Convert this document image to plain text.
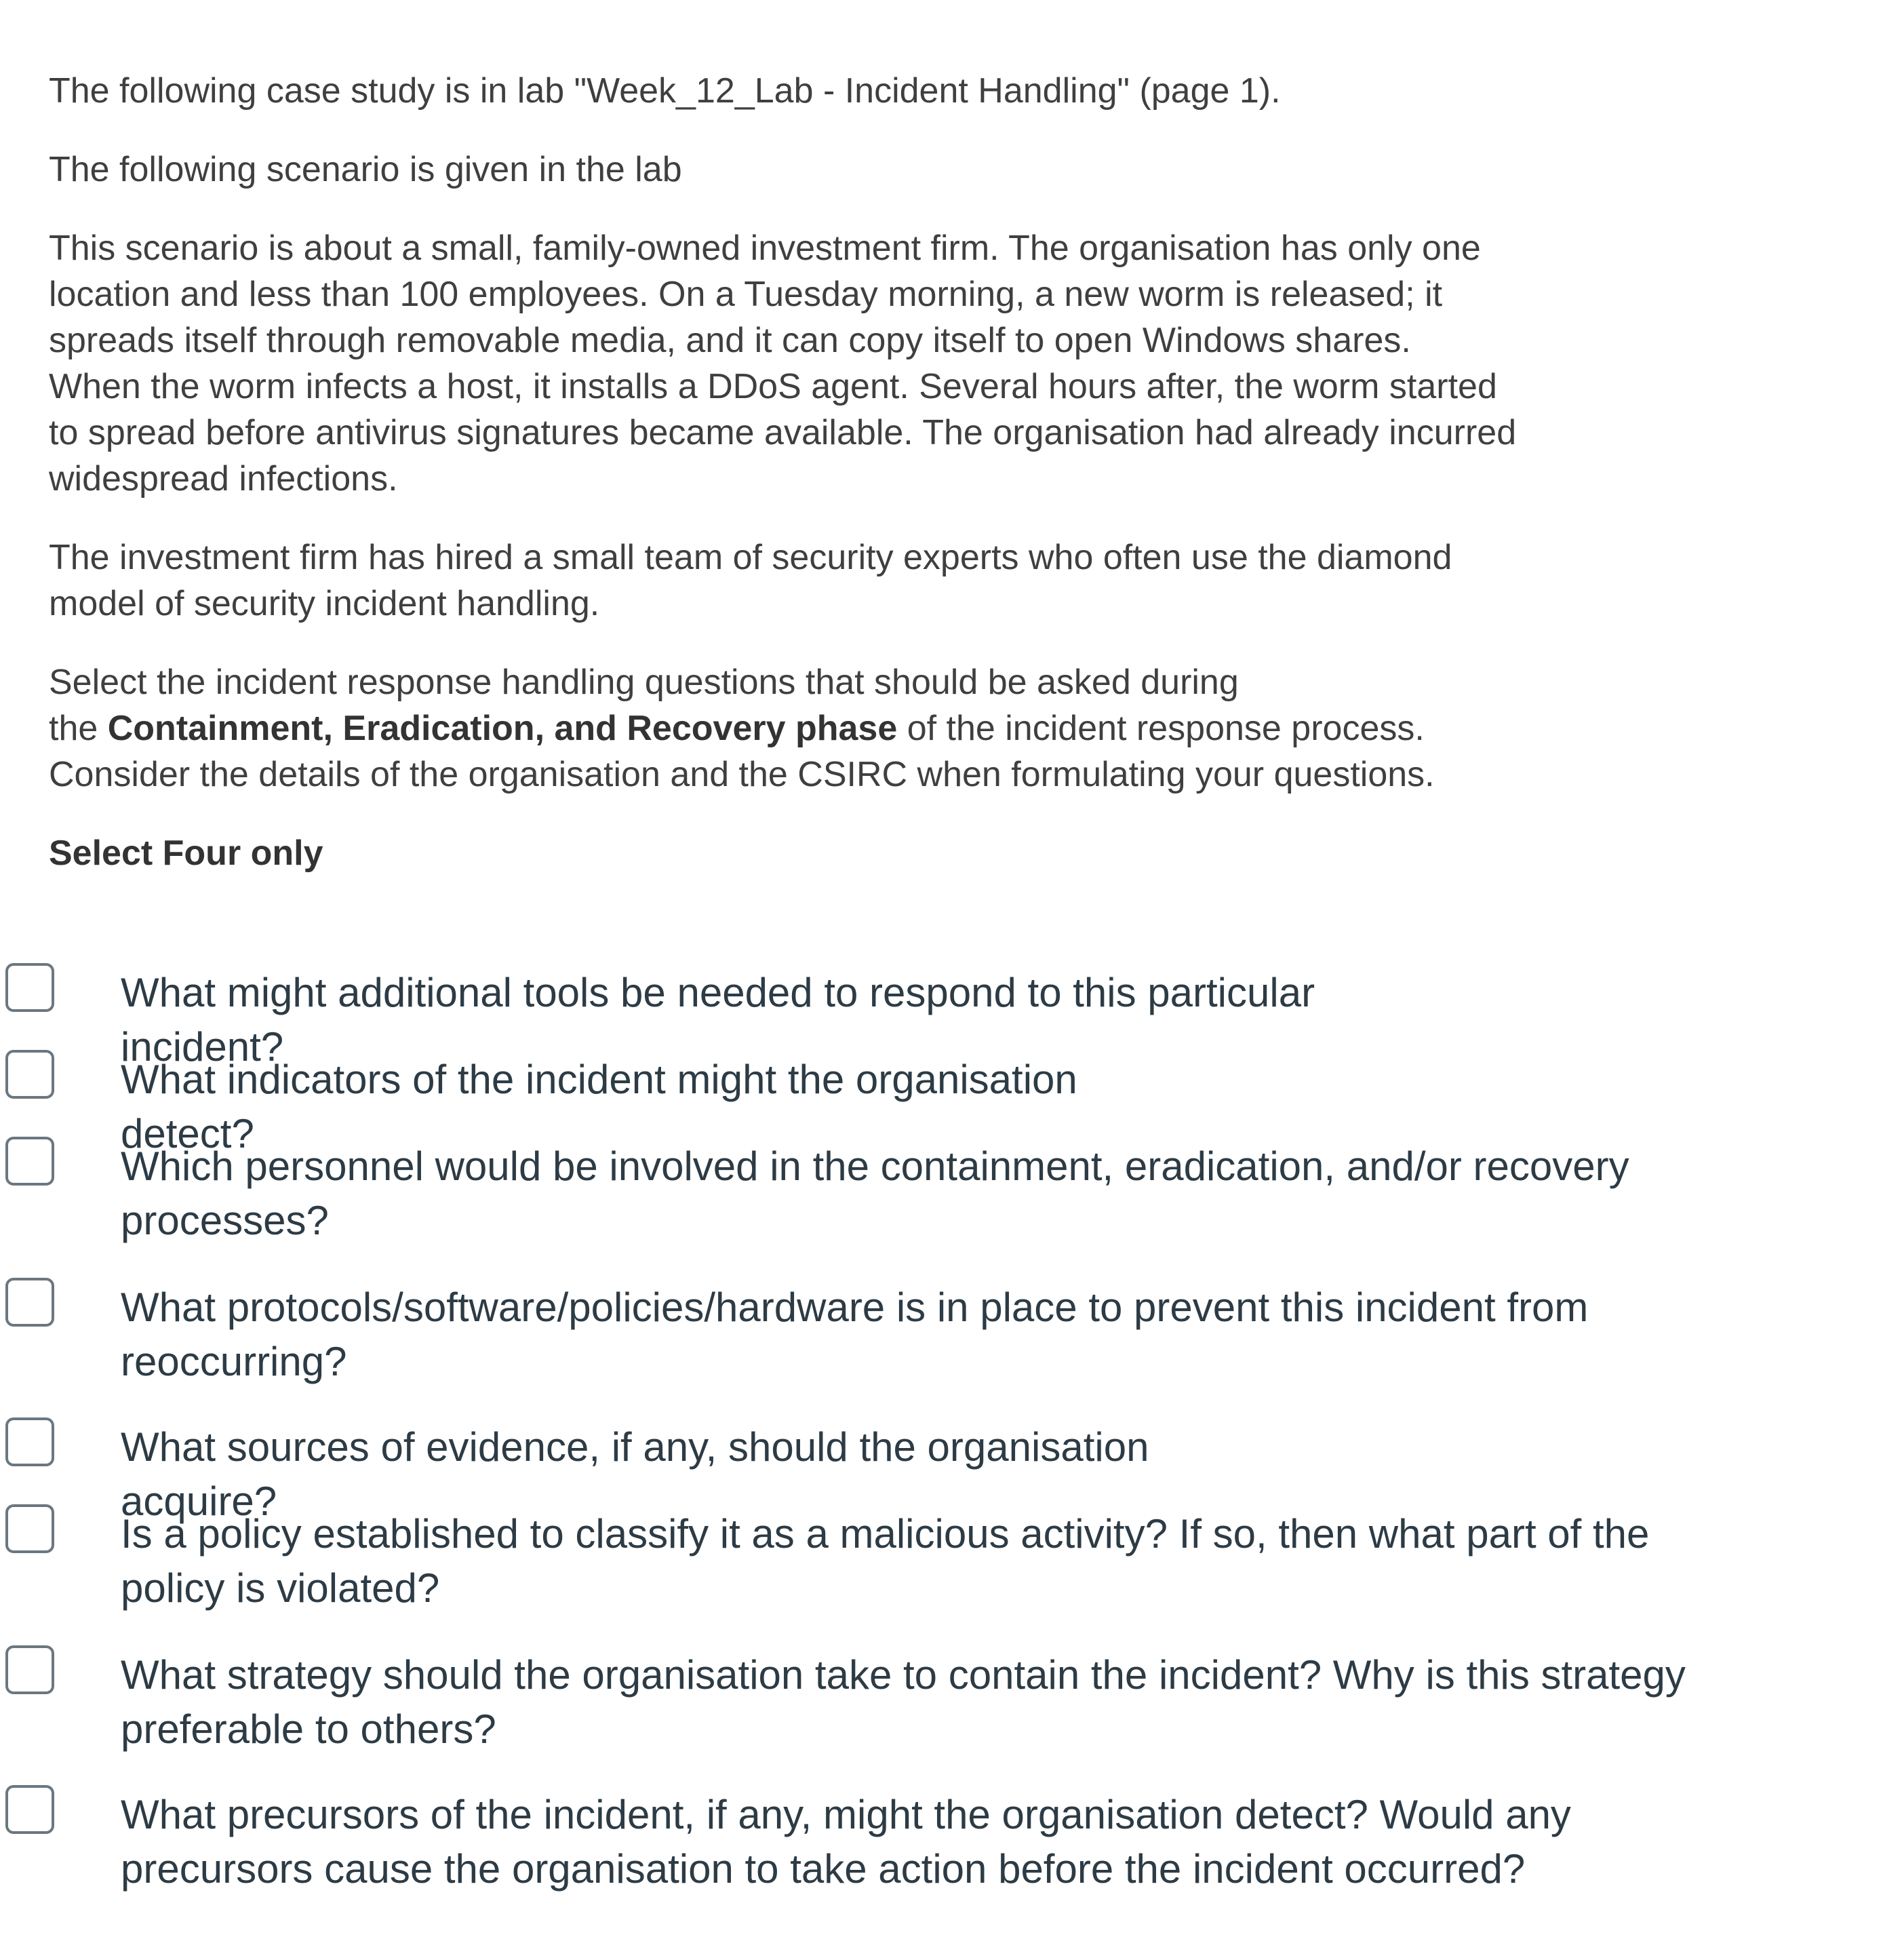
The following case study is in lab "Week_12_Lab - Incident Handling" (page 1).

The following scenario is given in the lab

This scenario is about a small, family-owned investment firm. The organisation has only one
location and less than 100 employees. On a Tuesday morning, a new worm is released; it
spreads itself through removable media, and it can copy itself to open Windows shares.
When the worm infects a host, it installs a DDoS agent. Several hours after, the worm started
to spread before antivirus signatures became available. The organisation had already incurred
widespread infections.

The investment firm has hired a small team of security experts who often use the diamond
model of security incident handling.

Select the incident response handling questions that should be asked during
the Containment, Eradication, and Recovery phase of the incident response process.
Consider the details of the organisation and the CSIRC when formulating your questions.

Select Four only

What might additional tools be needed to respond to this particular
incident?
What indicators of the incident might the organisation
detect?
Which personnel would be involved in the containment, eradication, and/or recovery
processes?
What protocols/software/policies/hardware is in place to prevent this incident from
reoccurring?
What sources of evidence, if any, should the organisation
acquire?
Is a policy established to classify it as a malicious activity? If so, then what part of the
policy is violated?
What strategy should the organisation take to contain the incident? Why is this strategy
preferable to others?
What precursors of the incident, if any, might the organisation detect? Would any
precursors cause the organisation to take action before the incident occurred?
